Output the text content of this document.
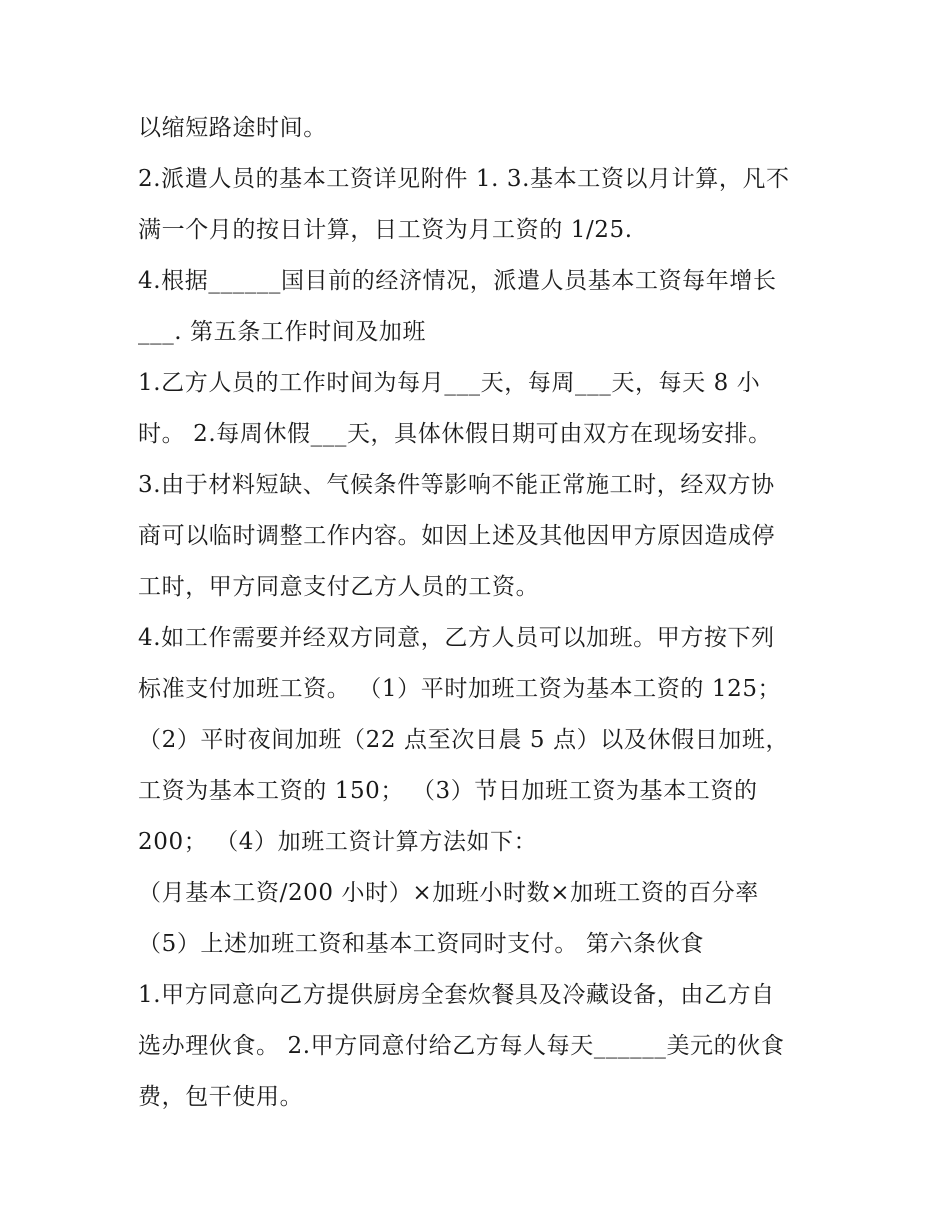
以缩短路途时间。
2.派遣人员的基本工资详见附件 1. 3.基本工资以月计算，凡不
满一个月的按日计算，日工资为月工资的 1/25.
4.根据______国目前的经济情况，派遣人员基本工资每年增长
___. 第五条工作时间及加班
1.乙方人员的工作时间为每月___天，每周___天，每天 8 小
时。 2.每周休假___天，具体休假日期可由双方在现场安排。
3.由于材料短缺、气候条件等影响不能正常施工时，经双方协
商可以临时调整工作内容。如因上述及其他因甲方原因造成停
工时，甲方同意支付乙方人员的工资。
4.如工作需要并经双方同意，乙方人员可以加班。甲方按下列
标准支付加班工资。 （1）平时加班工资为基本工资的 125；
（2）平时夜间加班（22 点至次日晨 5 点）以及休假日加班，
工资为基本工资的 150； （3）节日加班工资为基本工资的
200； （4）加班工资计算方法如下：
（月基本工资/200 小时）×加班小时数×加班工资的百分率
（5）上述加班工资和基本工资同时支付。 第六条伙食
1.甲方同意向乙方提供厨房全套炊餐具及冷藏设备，由乙方自
选办理伙食。 2.甲方同意付给乙方每人每天______美元的伙食
费，包干使用。
